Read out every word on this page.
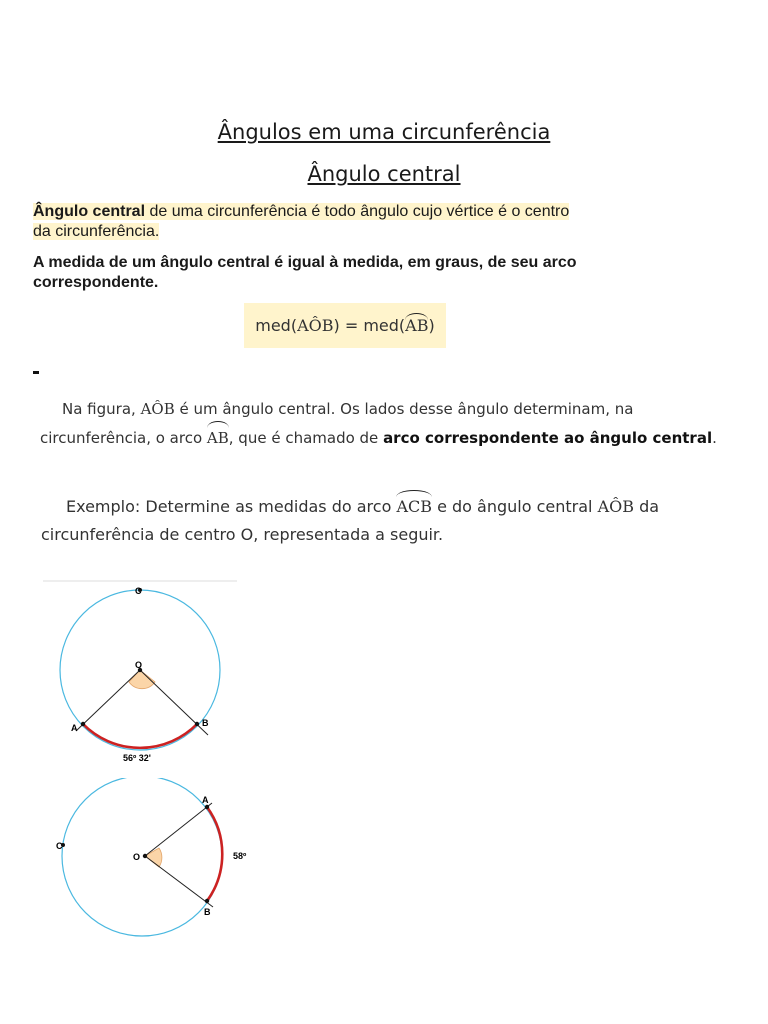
Ângulos em uma circunferência
Ângulo central
Ângulo central de uma circunferência é todo ângulo cujo vértice é o centro
da circunferência.
A medida de um ângulo central é igual à medida, em graus, de seu arco
correspondente.
med( AÔB ) = med( AB )
Na figura, AÔB é um ângulo central. Os lados desse ângulo determinam, na
circunferência, o arco AB, que é chamado de arco correspondente ao ângulo central.
Exemplo: Determine as medidas do arco ACB e do ângulo central AÔB da
circunferência de centro O, representada a seguir.
C
O
A	B
56º 32'
C
O
A
B
58º
